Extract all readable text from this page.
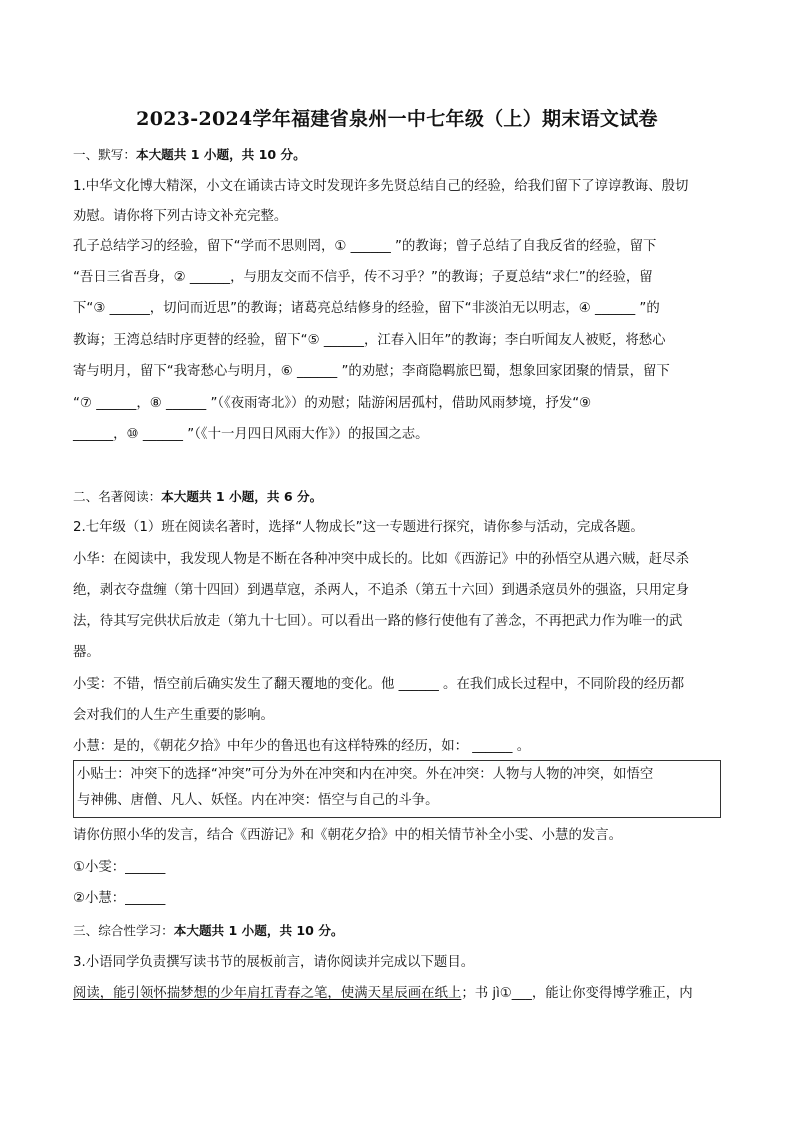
2023-2024学年福建省泉州一中七年级（上）期末语文试卷
一、默写：本大题共 1 小题，共 10 分。
1.中华文化博大精深，小文在诵读古诗文时发现许多先贤总结自己的经验，给我们留下了谆谆教诲、殷切
劝慰。请你将下列古诗文补充完整。
孔子总结学习的经验，留下“学而不思则罔，① ______ ”的教诲；曾子总结了自我反省的经验，留下
“吾日三省吾身，② ______，与朋友交而不信乎，传不习乎？”的教诲；子夏总结“求仁”的经验，留
下“③ ______，切问而近思”的教诲；诸葛亮总结修身的经验，留下“非淡泊无以明志，④ ______ ”的
教诲；王湾总结时序更替的经验，留下“⑤ ______，江春入旧年”的教诲；李白听闻友人被贬，将愁心
寄与明月，留下“我寄愁心与明月，⑥ ______ ”的劝慰；李商隐羁旅巴蜀，想象回家团聚的情景，留下
“⑦ ______，⑧ ______ ”（《夜雨寄北》）的劝慰；陆游闲居孤村，借助风雨梦境，抒发“⑨
______，⑩ ______ ”（《十一月四日风雨大作》）的报国之志。
二、名著阅读：本大题共 1 小题，共 6 分。
2.七年级（1）班在阅读名著时，选择“人物成长”这一专题进行探究，请你参与活动，完成各题。
小华：在阅读中，我发现人物是不断在各种冲突中成长的。比如《西游记》中的孙悟空从遇六贼，赶尽杀
绝，剥衣夺盘缠（第十四回）到遇草寇，杀两人，不追杀（第五十六回）到遇杀寇员外的强盗，只用定身
法，待其写完供状后放走（第九十七回）。可以看出一路的修行使他有了善念，不再把武力作为唯一的武
器。
小雯：不错，悟空前后确实发生了翻天覆地的变化。他 ______ 。在我们成长过程中，不同阶段的经历都
会对我们的人生产生重要的影响。
小慧：是的，《朝花夕拾》中年少的鲁迅也有这样特殊的经历，如： ______ 。
小贴士：冲突下的选择“冲突”可分为外在冲突和内在冲突。外在冲突：人物与人物的冲突，如悟空
与神佛、唐僧、凡人、妖怪。内在冲突：悟空与自己的斗争。
请你仿照小华的发言，结合《西游记》和《朝花夕拾》中的相关情节补全小雯、小慧的发言。
①小雯：______
②小慧：______
三、综合性学习：本大题共 1 小题，共 10 分。
3.小语同学负责撰写读书节的展板前言，请你阅读并完成以下题目。
阅读，能引领怀揣梦想的少年肩扛青春之笔，使满天星辰画在纸上；书 jì①___，能让你变得博学雅正，内
